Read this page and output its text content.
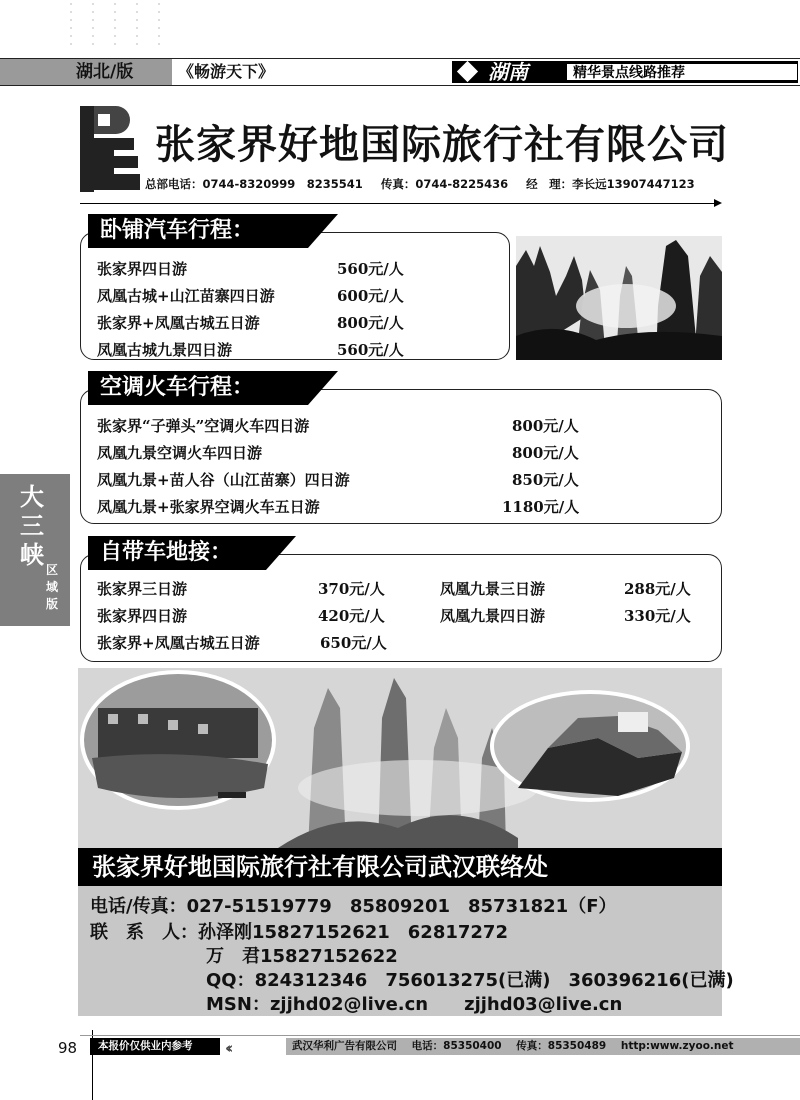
湖北/版	《畅游天下》	湖南	精华景点线路推荐
张家界好地国际旅行社有限公司
总部电话：0744-8320999　8235541 传真：0744-8225436 经　理：李长远13907447123
卧铺汽车行程：
张家界四日游	560元/人
凤凰古城+山江苗寨四日游	600元/人
张家界+凤凰古城五日游	800元/人
凤凰古城九景四日游	560元/人
空调火车行程：
张家界“子弹头”空调火车四日游	800元/人
凤凰九景空调火车四日游	800元/人
凤凰九景+苗人谷（山江苗寨）四日游	850元/人
凤凰九景+张家界空调火车五日游	1180元/人
自带车地接：
张家界三日游	370元/人	凤凰九景三日游	288元/人
张家界四日游	420元/人	凤凰九景四日游	330元/人
张家界+凤凰古城五日游	650元/人
大三峡
区域版
张家界好地国际旅行社有限公司武汉联络处
电话/传真：027-51519779　85809201　85731821（F）
联　系　人：孙泽刚15827152621　62817272
万　君15827152622
QQ：824312346　756013275(已满)　360396216(已满)
MSN：zjjhd02@live.cn　　zjjhd03@live.cn
98	本报价仅供业内参考	‹‹	武汉华利广告有限公司 电话：85350400 传真：85350489 http:www.zyoo.net
